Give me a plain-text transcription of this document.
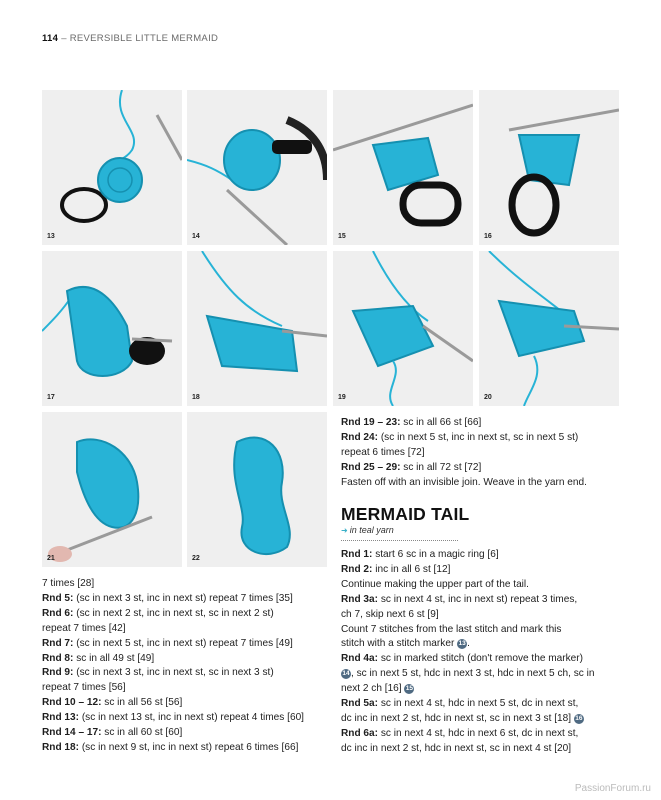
114 – REVERSIBLE LITTLE MERMAID
13	14	15	16
17	18	19	20
21	22

7 times [28]

Rnd 5: (sc in next 3 st, inc in next st) repeat 7 times [35]

Rnd 6: (sc in next 2 st, inc in next st, sc in next 2 st)

repeat 7 times [42]

Rnd 7: (sc in next 5 st, inc in next st) repeat 7 times [49]

Rnd 8: sc in all 49 st [49]

Rnd 9: (sc in next 3 st, inc in next st, sc in next 3 st)

repeat 7 times [56]

Rnd 10 – 12: sc in all 56 st [56]

Rnd 13: (sc in next 13 st, inc in next st) repeat 4 times [60]

Rnd 14 – 17: sc in all 60 st [60]

Rnd 18: (sc in next 9 st, inc in next st) repeat 6 times [66]

Rnd 19 – 23: sc in all 66 st [66]

Rnd 24: (sc in next 5 st, inc in next st, sc in next 5 st)

repeat 6 times [72]

Rnd 25 – 29: sc in all 72 st [72]

Fasten off with an invisible join. Weave in the yarn end.

MERMAID TAIL
➜ in teal yarn

Rnd 1: start 6 sc in a magic ring [6]

Rnd 2: inc in all 6 st [12]

Continue making the upper part of the tail.

Rnd 3a: sc in next 4 st, inc in next st) repeat 3 times,

ch 7, skip next 6 st [9]

Count 7 stitches from the last stitch and mark this

stitch with a stitch marker 13.

Rnd 4a: sc in marked stitch (don't remove the marker)

14, sc in next 5 st, hdc in next 3 st, hdc in next 5 ch, sc in

next 2 ch [16] 15

Rnd 5a: sc in next 4 st, hdc in next 5 st, dc in next st,

dc inc in next 2 st, hdc in next st, sc in next 3 st [18] 16

Rnd 6a: sc in next 4 st, hdc in next 6 st, dc in next st,

dc inc in next 2 st, hdc in next st, sc in next 4 st [20]

PassionForum.ru
